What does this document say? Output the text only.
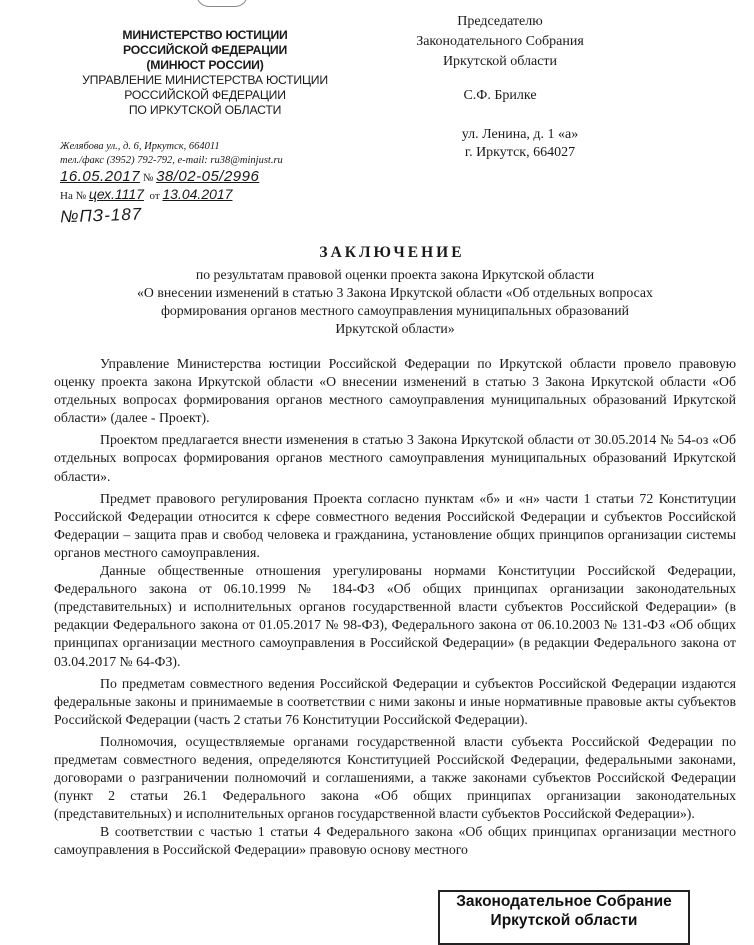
МИНИСТЕРСТВО ЮСТИЦИИ
РОССИЙСКОЙ ФЕДЕРАЦИИ
(МИНЮСТ РОССИИ)
УПРАВЛЕНИЕ МИНИСТЕРСТВА ЮСТИЦИИ
РОССИЙСКОЙ ФЕДЕРАЦИИ
ПО ИРКУТСКОЙ ОБЛАСТИ
Желябова ул., д. 6, Иркутск, 664011
тел./факс (3952) 792-792, e-mail: ru38@minjust.ru
16.05.2017 № 38/02-05/2996
На № цех.1117 от 13.04.2017
№ПЗ-187
Председателю
Законодательного Собрания
Иркутской области
С.Ф. Брилке
ул. Ленина, д. 1 «а»
г. Иркутск, 664027
ЗАКЛЮЧЕНИЕ
по результатам правовой оценки проекта закона Иркутской области
«О внесении изменений в статью 3 Закона Иркутской области «Об отдельных вопросах
формирования органов местного самоуправления муниципальных образований
Иркутской области»

Управление Министерства юстиции Российской Федерации по Иркутской области провело правовую оценку проекта закона Иркутской области «О внесении изменений в статью 3 Закона Иркутской области «Об отдельных вопросах формирования органов местного самоуправления муниципальных образований Иркутской области» (далее - Проект).

Проектом предлагается внести изменения в статью 3 Закона Иркутской области от 30.05.2014 № 54-оз «Об отдельных вопросах формирования органов местного самоуправления муниципальных образований Иркутской области».

Предмет правового регулирования Проекта согласно пунктам «б» и «н» части 1 статьи 72 Конституции Российской Федерации относится к сфере совместного ведения Российской Федерации и субъектов Российской Федерации – защита прав и свобод человека и гражданина, установление общих принципов организации системы органов местного самоуправления.

Данные общественные отношения урегулированы нормами Конституции Российской Федерации, Федерального закона от 06.10.1999 № 184-ФЗ «Об общих принципах организации законодательных (представительных) и исполнительных органов государственной власти субъектов Российской Федерации» (в редакции Федерального закона от 01.05.2017 № 98-ФЗ), Федерального закона от 06.10.2003 № 131-ФЗ «Об общих принципах организации местного самоуправления в Российской Федерации» (в редакции Федерального закона от 03.04.2017 № 64-ФЗ).

По предметам совместного ведения Российской Федерации и субъектов Российской Федерации издаются федеральные законы и принимаемые в соответствии с ними законы и иные нормативные правовые акты субъектов Российской Федерации (часть 2 статьи 76 Конституции Российской Федерации).

Полномочия, осуществляемые органами государственной власти субъекта Российской Федерации по предметам совместного ведения, определяются Конституцией Российской Федерации, федеральными законами, договорами о разграничении полномочий и соглашениями, а также законами субъектов Российской Федерации (пункт 2 статьи 26.1 Федерального закона «Об общих принципах организации законодательных (представительных) и исполнительных органов государственной власти субъектов Российской Федерации»).

В соответствии с частью 1 статьи 4 Федерального закона «Об общих принципах организации местного самоуправления в Российской Федерации» правовую основу местного

Законодательное Собрание
Иркутской области
